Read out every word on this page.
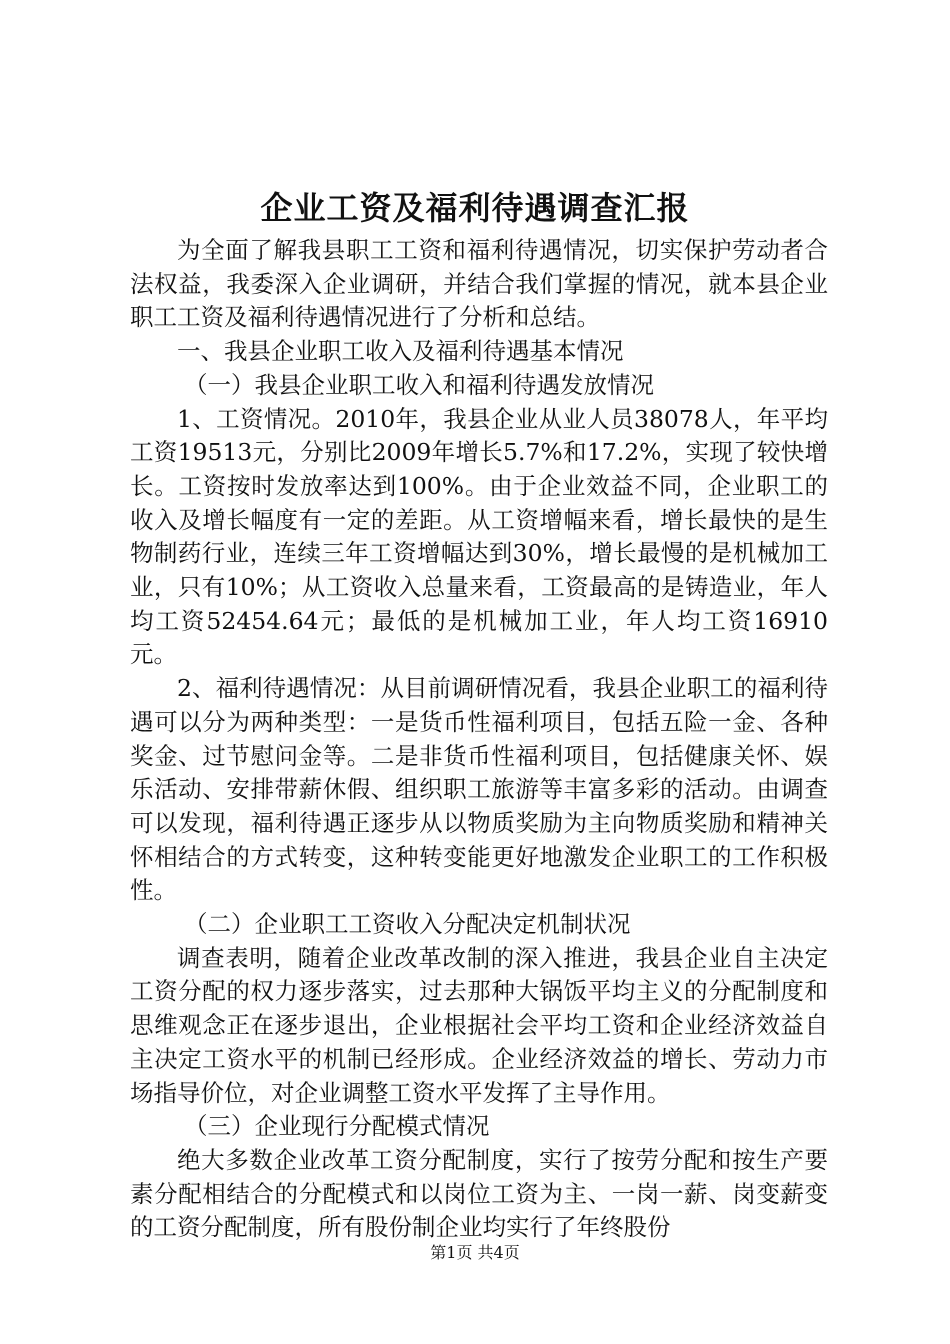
企业工资及福利待遇调查汇报

为全面了解我县职工工资和福利待遇情况，切实保护劳动者合法权益，我委深入企业调研，并结合我们掌握的情况，就本县企业职工工资及福利待遇情况进行了分析和总结。

一、我县企业职工收入及福利待遇基本情况

（一）我县企业职工收入和福利待遇发放情况

1、工资情况。2010年，我县企业从业人员38078人，年平均工资19513元，分别比2009年增长5.7%和17.2%，实现了较快增长。工资按时发放率达到100%。由于企业效益不同，企业职工的收入及增长幅度有一定的差距。从工资增幅来看，增长最快的是生物制药行业，连续三年工资增幅达到30%，增长最慢的是机械加工业，只有10%；从工资收入总量来看，工资最高的是铸造业，年人均工资52454.64元；最低的是机械加工业，年人均工资16910元。

2、福利待遇情况：从目前调研情况看，我县企业职工的福利待遇可以分为两种类型：一是货币性福利项目，包括五险一金、各种奖金、过节慰问金等。二是非货币性福利项目，包括健康关怀、娱乐活动、安排带薪休假、组织职工旅游等丰富多彩的活动。由调查可以发现，福利待遇正逐步从以物质奖励为主向物质奖励和精神关怀相结合的方式转变，这种转变能更好地激发企业职工的工作积极性。

（二）企业职工工资收入分配决定机制状况

调查表明，随着企业改革改制的深入推进，我县企业自主决定工资分配的权力逐步落实，过去那种大锅饭平均主义的分配制度和思维观念正在逐步退出，企业根据社会平均工资和企业经济效益自主决定工资水平的机制已经形成。企业经济效益的增长、劳动力市场指导价位，对企业调整工资水平发挥了主导作用。

（三）企业现行分配模式情况

绝大多数企业改革工资分配制度，实行了按劳分配和按生产要素分配相结合的分配模式和以岗位工资为主、一岗一薪、岗变薪变的工资分配制度，所有股份制企业均实行了年终股份

第1页 共4页
